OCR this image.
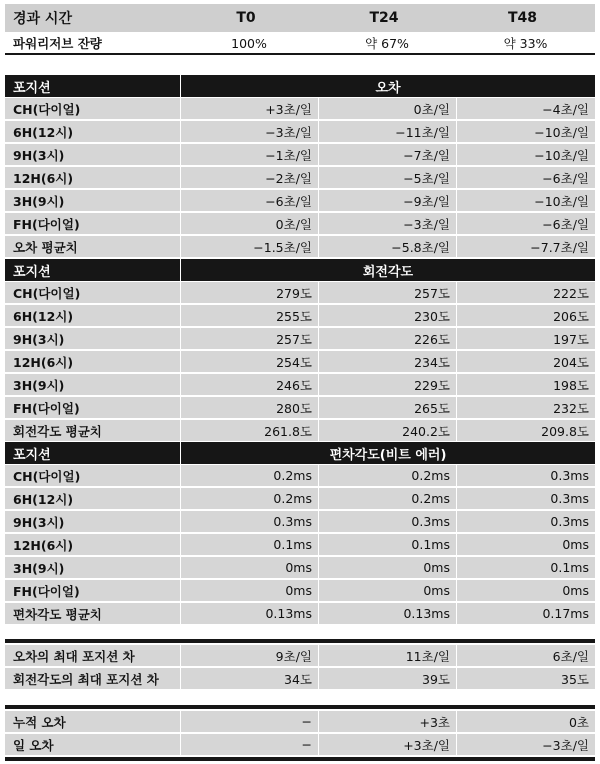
경과 시간	T0	T24	T48
파워리저브 잔량	100%	약 67%	약 33%
포지션	오차
CH(다이얼)	+3초/일	0초/일	−4초/일
6H(12시)	−3초/일	−11초/일	−10초/일
9H(3시)	−1초/일	−7초/일	−10초/일
12H(6시)	−2초/일	−5초/일	−6초/일
3H(9시)	−6초/일	−9초/일	−10초/일
FH(다이얼)	0초/일	−3초/일	−6초/일
오차 평균치	−1.5초/일	−5.8초/일	−7.7초/일
포지션	회전각도
CH(다이얼)	279도	257도	222도
6H(12시)	255도	230도	206도
9H(3시)	257도	226도	197도
12H(6시)	254도	234도	204도
3H(9시)	246도	229도	198도
FH(다이얼)	280도	265도	232도
회전각도 평균치	261.8도	240.2도	209.8도
포지션	편차각도(비트 에러)
CH(다이얼)	0.2ms	0.2ms	0.3ms
6H(12시)	0.2ms	0.2ms	0.3ms
9H(3시)	0.3ms	0.3ms	0.3ms
12H(6시)	0.1ms	0.1ms	0ms
3H(9시)	0ms	0ms	0.1ms
FH(다이얼)	0ms	0ms	0ms
편차각도 평균치	0.13ms	0.13ms	0.17ms
오차의 최대 포지션 차	9초/일	11초/일	6초/일
회전각도의 최대 포지션 차	34도	39도	35도
누적 오차	−	+3초	0초
일 오차	−	+3초/일	−3초/일
